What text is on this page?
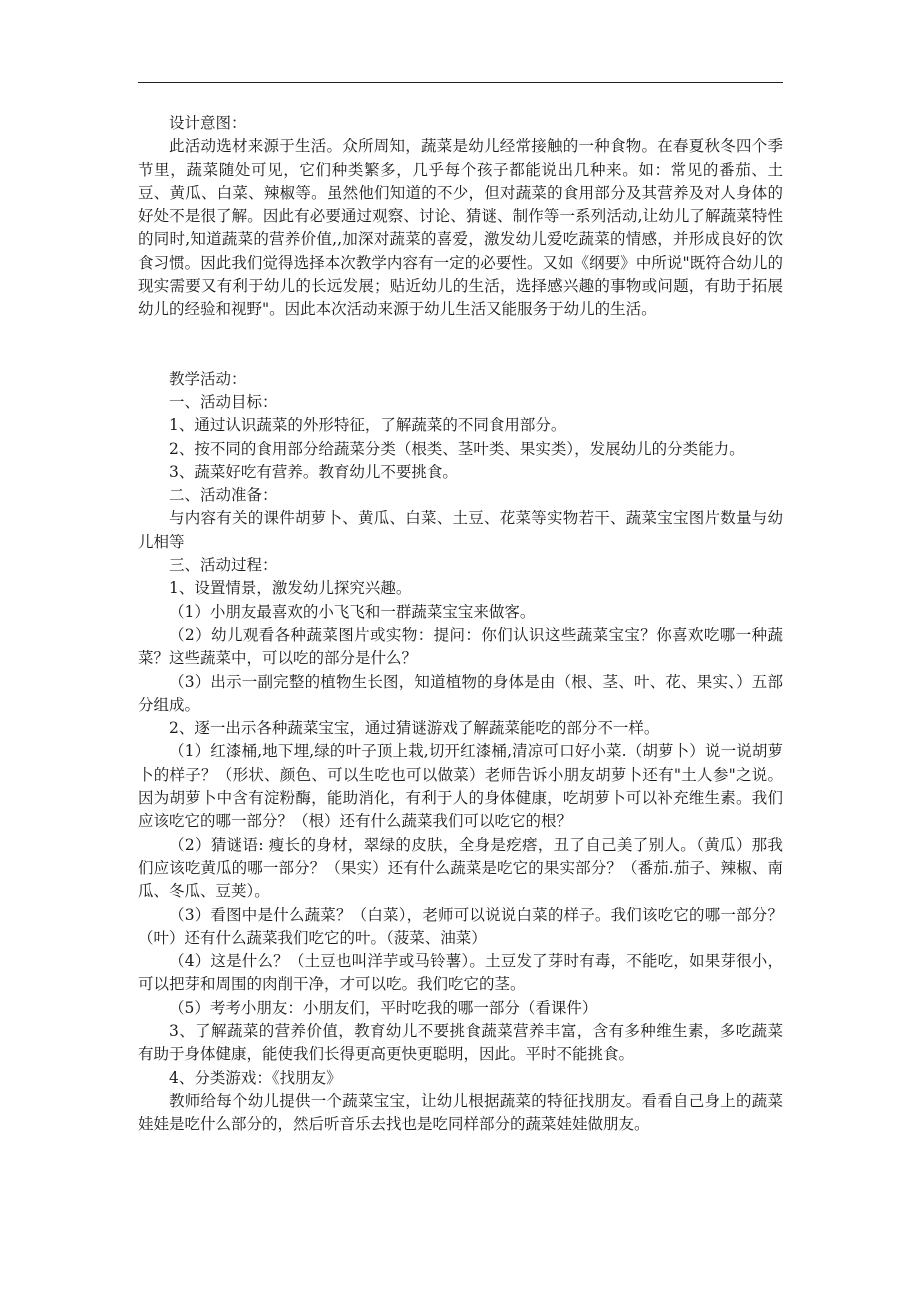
设计意图：

此活动选材来源于生活。众所周知，蔬菜是幼儿经常接触的一种食物。在春夏秋冬四个季节里，蔬菜随处可见，它们种类繁多，几乎每个孩子都能说出几种来。如：常见的番茄、土豆、黄瓜、白菜、辣椒等。虽然他们知道的不少，但对蔬菜的食用部分及其营养及对人身体的好处不是很了解。因此有必要通过观察、讨论、猜谜、制作等一系列活动,让幼儿了解蔬菜特性的同时,知道蔬菜的营养价值,,加深对蔬菜的喜爱，激发幼儿爱吃蔬菜的情感，并形成良好的饮食习惯。因此我们觉得选择本次教学内容有一定的必要性。又如《纲要》中所说"既符合幼儿的现实需要又有利于幼儿的长远发展；贴近幼儿的生活，选择感兴趣的事物或问题，有助于拓展幼儿的经验和视野"。因此本次活动来源于幼儿生活又能服务于幼儿的生活。

教学活动：

一、活动目标：

1、通过认识蔬菜的外形特征，了解蔬菜的不同食用部分。

2、按不同的食用部分给蔬菜分类（根类、茎叶类、果实类），发展幼儿的分类能力。

3、蔬菜好吃有营养。教育幼儿不要挑食。

二、活动准备：

与内容有关的课件胡萝卜、黄瓜、白菜、土豆、花菜等实物若干、蔬菜宝宝图片数量与幼儿相等

三、活动过程：

1、设置情景，激发幼儿探究兴趣。

（1）小朋友最喜欢的小飞飞和一群蔬菜宝宝来做客。

（2）幼儿观看各种蔬菜图片或实物：提问：你们认识这些蔬菜宝宝？你喜欢吃哪一种蔬菜？这些蔬菜中，可以吃的部分是什么？

（3）出示一副完整的植物生长图，知道植物的身体是由（根、茎、叶、花、果实、）五部分组成。

2、逐一出示各种蔬菜宝宝，通过猜谜游戏了解蔬菜能吃的部分不一样。

（1）红漆桶,地下埋,绿的叶子顶上栽,切开红漆桶,清凉可口好小菜.（胡萝卜）说一说胡萝卜的样子？（形状、颜色、可以生吃也可以做菜）老师告诉小朋友胡萝卜还有"土人参"之说。因为胡萝卜中含有淀粉酶，能助消化，有利于人的身体健康，吃胡萝卜可以补充维生素。我们应该吃它的哪一部分？（根）还有什么蔬菜我们可以吃它的根？

（2）猜谜语: 瘦长的身材，翠绿的皮肤，全身是疙瘩，丑了自己美了别人。（黄瓜）那我们应该吃黄瓜的哪一部分？（果实）还有什么蔬菜是吃它的果实部分？（番茄.茄子、辣椒、南瓜、冬瓜、豆荚）。

（3）看图中是什么蔬菜？（白菜），老师可以说说白菜的样子。我们该吃它的哪一部分？（叶）还有什么蔬菜我们吃它的叶。（菠菜、油菜）

（4）这是什么？（土豆也叫洋芋或马铃薯）。土豆发了芽时有毒，不能吃，如果芽很小，可以把芽和周围的肉削干净，才可以吃。我们吃它的茎。

（5）考考小朋友：小朋友们，平时吃我的哪一部分（看课件）

3、了解蔬菜的营养价值，教育幼儿不要挑食蔬菜营养丰富，含有多种维生素，多吃蔬菜有助于身体健康，能使我们长得更高更快更聪明，因此。平时不能挑食。

4、分类游戏：《找朋友》

教师给每个幼儿提供一个蔬菜宝宝，让幼儿根据蔬菜的特征找朋友。看看自己身上的蔬菜娃娃是吃什么部分的，然后听音乐去找也是吃同样部分的蔬菜娃娃做朋友。
